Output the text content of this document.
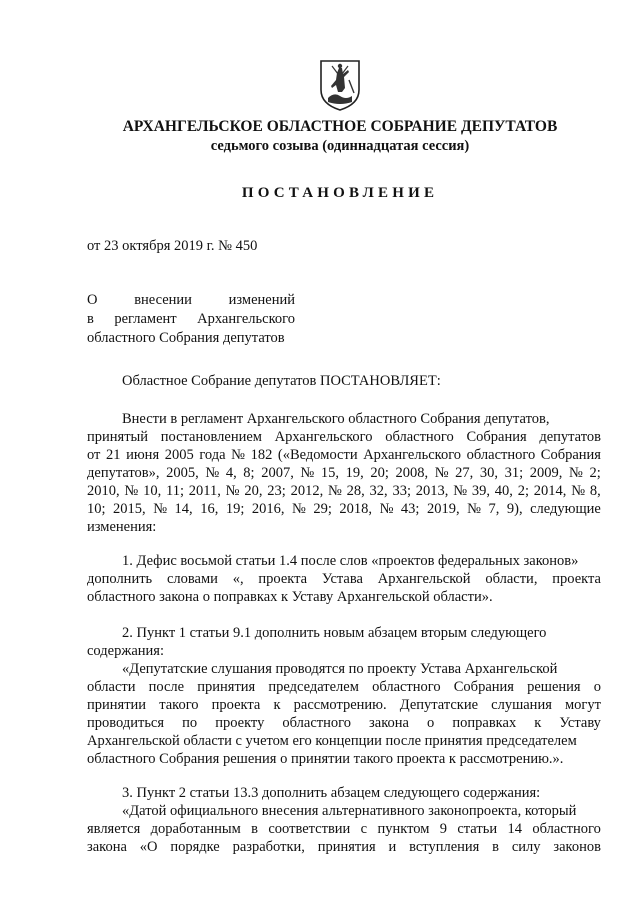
АРХАНГЕЛЬСКОЕ ОБЛАСТНОЕ СОБРАНИЕ ДЕПУТАТОВ
седьмого созыва (одиннадцатая сессия)
ПОСТАНОВЛЕНИЕ
от 23 октября 2019 г. № 450
О	внесении	изменений
в регламент Архангельского
областного Собрания депутатов
Областное Собрание депутатов ПОСТАНОВЛЯЕТ:
Внести в регламент Архангельского областного Собрания депутатов,
принятый постановлением Архангельского областного Собрания депутатов
от 21 июня 2005 года № 182 («Ведомости Архангельского областного Собрания
депутатов», 2005, № 4, 8; 2007, № 15, 19, 20; 2008, № 27, 30, 31; 2009, № 2;
2010, № 10, 11; 2011, № 20, 23; 2012, № 28, 32, 33; 2013, № 39, 40, 2; 2014, № 8,
10; 2015, № 14, 16, 19; 2016, № 29; 2018, № 43; 2019, № 7, 9), следующие
изменения:
1. Дефис восьмой статьи 1.4 после слов «проектов федеральных законов»
дополнить словами «, проекта Устава Архангельской области, проекта
областного закона о поправках к Уставу Архангельской области».
2. Пункт 1 статьи 9.1 дополнить новым абзацем вторым следующего
содержания:
«Депутатские слушания проводятся по проекту Устава Архангельской
области после принятия председателем областного Собрания решения о
принятии такого проекта к рассмотрению. Депутатские слушания могут
проводиться по проекту областного закона о поправках к Уставу
Архангельской области с учетом его концепции после принятия председателем
областного Собрания решения о принятии такого проекта к рассмотрению.».
3. Пункт 2 статьи 13.3 дополнить абзацем следующего содержания:
«Датой официального внесения альтернативного законопроекта, который
является доработанным в соответствии с пунктом 9 статьи 14 областного
закона «О порядке разработки, принятия и вступления в силу законов
